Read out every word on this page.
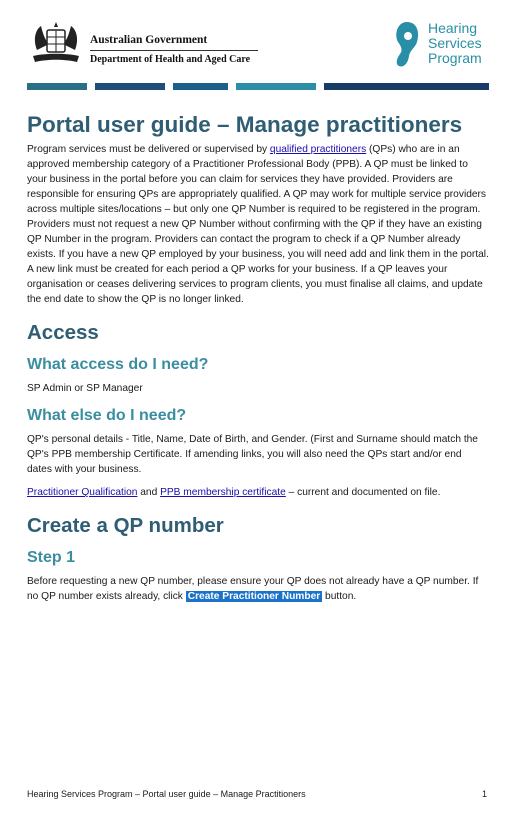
Australian Government
Department of Health and Aged Care
Hearing
Services
Program
Portal user guide – Manage practitioners

Program services must be delivered or supervised by qualified practitioners (QPs) who are in an approved membership category of a Practitioner Professional Body (PPB). A QP must be linked to your business in the portal before you can claim for services they have provided. Providers are responsible for ensuring QPs are appropriately qualified. A QP may work for multiple service providers across multiple sites/locations – but only one QP Number is required to be registered in the program. Providers must not request a new QP Number without confirming with the QP if they have an existing QP Number in the program. Providers can contact the program to check if a QP Number already exists. If you have a new QP employed by your business, you will need add and link them in the portal. A new link must be created for each period a QP works for your business. If a QP leaves your organisation or ceases delivering services to program clients, you must finalise all claims, and update the end date to show the QP is no longer linked.

Access
What access do I need?

SP Admin or SP Manager

What else do I need?

QP's personal details - Title, Name, Date of Birth, and Gender. (First and Surname should match the QP's PPB membership Certificate. If amending links, you will also need the QPs start and/or end dates with your business.

Practitioner Qualification and PPB membership certificate – current and documented on file.

Create a QP number
Step 1

Before requesting a new QP number, please ensure your QP does not already have a QP number. If no QP number exists already, click Create Practitioner Number button.

Hearing Services Program – Portal user guide – Manage Practitioners	1
